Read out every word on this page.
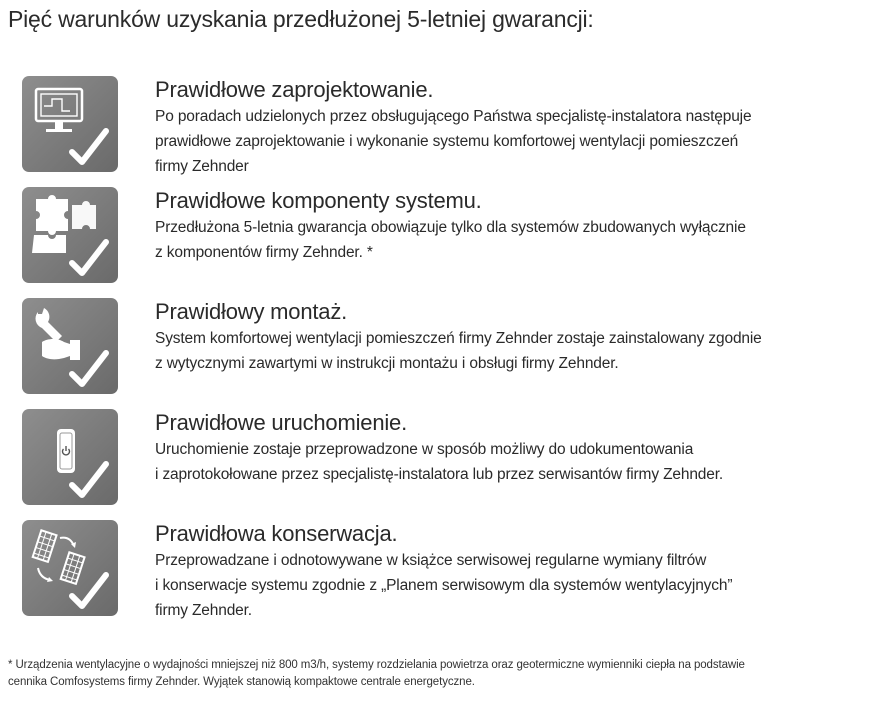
Pięć warunków uzyskania przedłużonej 5-letniej gwarancji:

Prawidłowe zaprojektowanie.

Po poradach udzielonych przez obsługującego Państwa specjalistę-instalatora następuje
prawidłowe zaprojektowanie i wykonanie systemu komfortowej wentylacji pomieszczeń
firmy Zehnder

Prawidłowe komponenty systemu.

Przedłużona 5-letnia gwarancja obowiązuje tylko dla systemów zbudowanych wyłącznie
z komponentów firmy Zehnder. *

Prawidłowy montaż.

System komfortowej wentylacji pomieszczeń firmy Zehnder zostaje zainstalowany zgodnie
z wytycznymi zawartymi w instrukcji montażu i obsługi firmy Zehnder.

Prawidłowe uruchomienie.

Uruchomienie zostaje przeprowadzone w sposób możliwy do udokumentowania
i zaprotokołowane przez specjalistę-instalatora lub przez serwisantów firmy Zehnder.

Prawidłowa konserwacja.

Przeprowadzane i odnotowywane w książce serwisowej regularne wymiany filtrów
i konserwacje systemu zgodnie z „Planem serwisowym dla systemów wentylacyjnych”
firmy Zehnder.

* Urządzenia wentylacyjne o wydajności mniejszej niż 800 m3/h, systemy rozdzielania powietrza oraz geotermiczne wymienniki ciepła na podstawie
cennika Comfosystems firmy Zehnder. Wyjątek stanowią kompaktowe centrale energetyczne.
